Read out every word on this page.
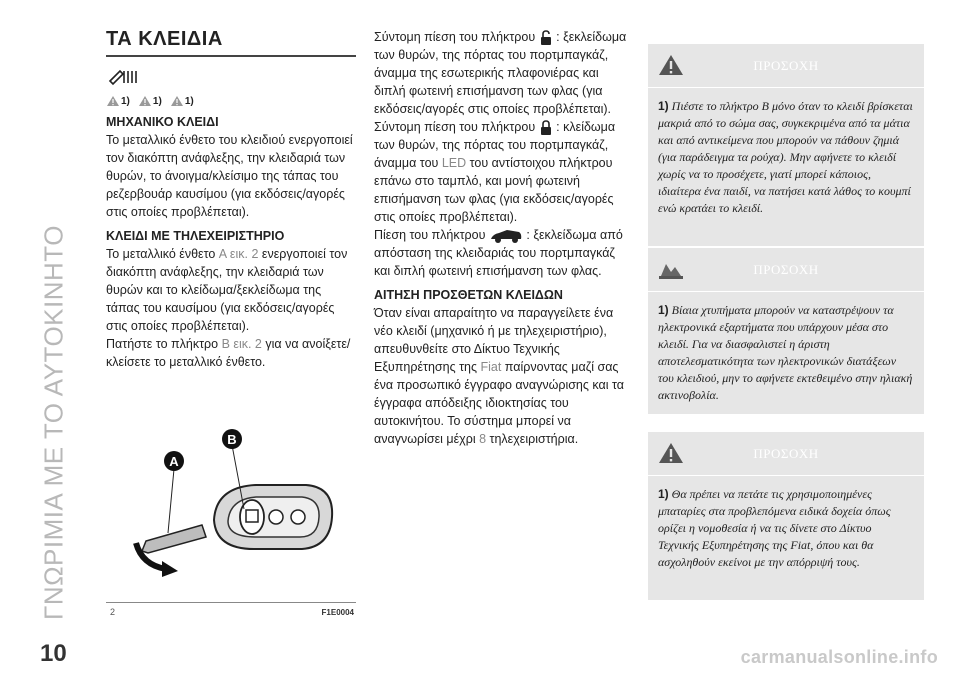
ΓΝΩΡΙΜΙΑ ΜΕ ΤΟ ΑΥΤΟΚΙΝΗΤΟ
10
ΤΑ ΚΛΕΙΔΙΑ
1) 1) 1)
ΜΗΧΑΝΙΚΟ ΚΛΕΙΔΙ

Το μεταλλικό ένθετο του κλειδιού ενεργοποιεί τον διακόπτη ανάφλεξης, την κλειδαριά των θυρών, το άνοιγμα/κλείσιμο της τάπας του ρεζερβουάρ καυσίμου (για εκδόσεις/αγορές στις οποίες προβλέπεται).

ΚΛΕΙΔΙ ΜΕ ΤΗΛΕΧΕΙΡΙΣΤΗΡΙΟ

Το μεταλλικό ένθετο A εικ. 2 ενεργοποιεί τον διακόπτη ανάφλεξης, την κλειδαριά των θυρών και το κλείδωμα/ξεκλείδωμα της τάπας του καυσίμου (για εκδόσεις/αγορές στις οποίες προβλέπεται).

Πατήστε το πλήκτρο B εικ. 2 για να ανοίξετε/κλείσετε το μεταλλικό ένθετο.

A
B
2	F1E0004

Σύντομη πίεση του πλήκτρου  : ξεκλείδωμα των θυρών, της πόρτας του πορτμπαγκάζ, άναμμα της εσωτερικής πλαφονιέρας και διπλή φωτεινή επισήμανση των φλας (για εκδόσεις/αγορές στις οποίες προβλέπεται).

Σύντομη πίεση του πλήκτρου  : κλείδωμα των θυρών, της πόρτας του πορτμπαγκάζ, άναμμα του LED του αντίστοιχου πλήκτρου επάνω στο ταμπλό, και μονή φωτεινή επισήμανση των φλας (για εκδόσεις/αγορές στις οποίες προβλέπεται).

Πίεση του πλήκτρου	: ξεκλείδωμα από απόσταση της κλειδαριάς του πορτμπαγκάζ και διπλή φωτεινή επισήμανση των φλας.

ΑΙΤΗΣΗ ΠΡΟΣΘΕΤΩΝ ΚΛΕΙΔΩΝ

Όταν είναι απαραίτητο να παραγγείλετε ένα νέο κλειδί (μηχανικό ή με τηλεχειριστήριο), απευθυνθείτε στο Δίκτυο Τεχνικής Εξυπηρέτησης της Fiat παίρνοντας μαζί σας ένα προσωπικό έγγραφο αναγνώρισης και τα έγγραφα απόδειξης ιδιοκτησίας του αυτοκινήτου. Το σύστημα μπορεί να αναγνωρίσει μέχρι 8 τηλεχειριστήρια.

ΠΡΟΣΟΧΗ
1) Πιέστε το πλήκτρο B μόνο όταν το κλειδί βρίσκεται μακριά από το σώμα σας, συγκεκριμένα από τα μάτια και από αντικείμενα που μπορούν να πάθουν ζημιά (για παράδειγμα τα ρούχα). Μην αφήνετε το κλειδί χωρίς να το προσέχετε, γιατί μπορεί κάποιος, ιδιαίτερα ένα παιδί, να πατήσει κατά λάθος το κουμπί ενώ κρατάει το κλειδί.
ΠΡΟΣΟΧΗ
1) Βίαια χτυπήματα μπορούν να καταστρέψουν τα ηλεκτρονικά εξαρτήματα που υπάρχουν μέσα στο κλειδί. Για να διασφαλιστεί η άριστη αποτελεσματικότητα των ηλεκτρονικών διατάξεων του κλειδιού, μην το αφήνετε εκτεθειμένο στην ηλιακή ακτινοβολία.
ΠΡΟΣΟΧΗ
1) Θα πρέπει να πετάτε τις χρησιμοποιημένες μπαταρίες στα προβλεπόμενα ειδικά δοχεία όπως ορίζει η νομοθεσία ή να τις δίνετε στο Δίκτυο Τεχνικής Εξυπηρέτησης της Fiat, όπου και θα ασχοληθούν εκείνοι με την απόρριψή τους.
carmanualsonline.info
